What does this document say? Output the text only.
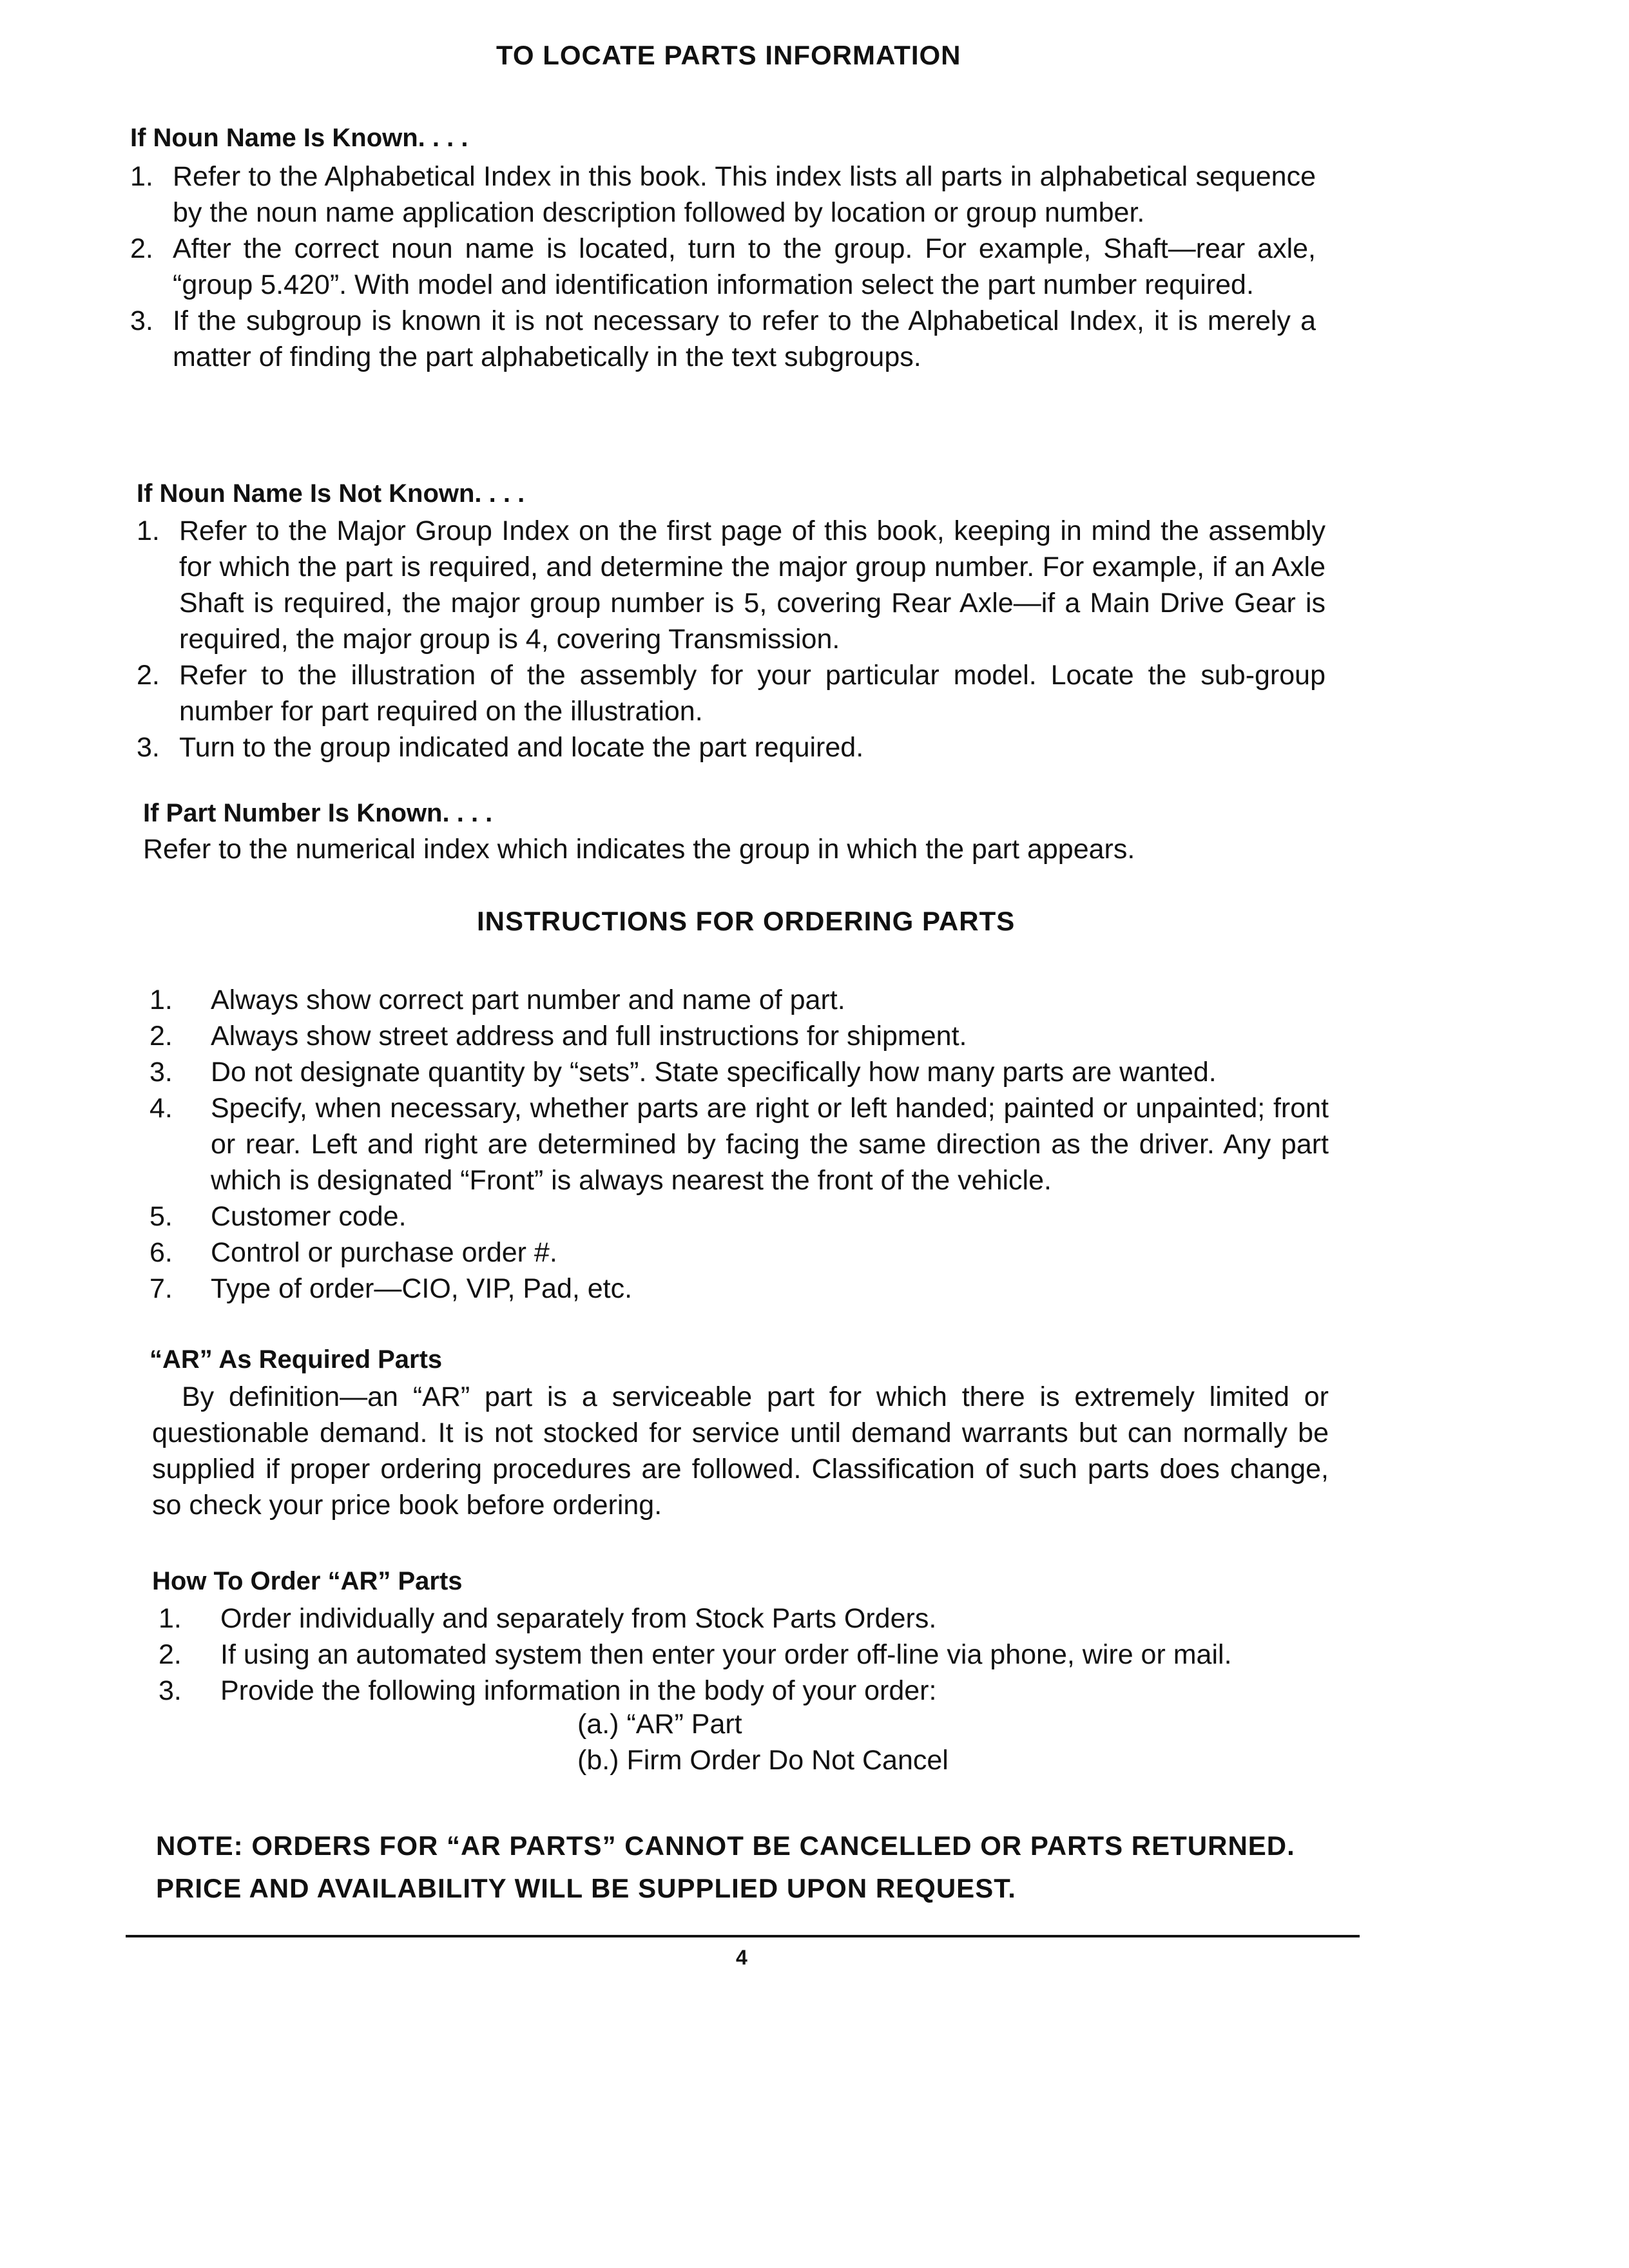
TO LOCATE PARTS INFORMATION
If Noun Name Is Known. . . .
1. Refer to the Alphabetical Index in this book. This index lists all parts in alphabetical sequence by the noun name application description followed by location or group number.
2. After the correct noun name is located, turn to the group. For example, Shaft—rear axle, “group 5.420”. With model and identification information select the part number required.
3. If the subgroup is known it is not necessary to refer to the Alphabetical Index, it is merely a matter of finding the part alphabetically in the text subgroups.
If Noun Name Is Not Known. . . .
1. Refer to the Major Group Index on the first page of this book, keeping in mind the assembly for which the part is required, and determine the major group number. For example, if an Axle Shaft is required, the major group number is 5, covering Rear Axle—if a Main Drive Gear is required, the major group is 4, covering Transmission.
2. Refer to the illustration of the assembly for your particular model. Locate the sub-group number for part required on the illustration.
3. Turn to the group indicated and locate the part required.
If Part Number Is Known. . . .
Refer to the numerical index which indicates the group in which the part appears.
INSTRUCTIONS FOR ORDERING PARTS
1.	Always show correct part number and name of part.
2.	Always show street address and full instructions for shipment.
3.	Do not designate quantity by “sets”. State specifically how many parts are wanted.
4.	Specify, when necessary, whether parts are right or left handed; painted or unpainted; front or rear. Left and right are determined by facing the same direction as the driver. Any part which is designated “Front” is always nearest the front of the vehicle.
5.	Customer code.
6.	Control or purchase order #.
7.	Type of order—CIO, VIP, Pad, etc.
“AR” As Required Parts
By definition—an “AR” part is a serviceable part for which there is extremely limited or questionable demand. It is not stocked for service until demand warrants but can normally be supplied if proper ordering procedures are followed. Classification of such parts does change, so check your price book before ordering.
How To Order “AR” Parts
1.	Order individually and separately from Stock Parts Orders.
2.	If using an automated system then enter your order off-line via phone, wire or mail.
3.	Provide the following information in the body of your order:
(a.) “AR” Part
(b.) Firm Order Do Not Cancel
NOTE: ORDERS FOR “AR PARTS” CANNOT BE CANCELLED OR PARTS RETURNED. PRICE AND AVAILABILITY WILL BE SUPPLIED UPON REQUEST.
4
